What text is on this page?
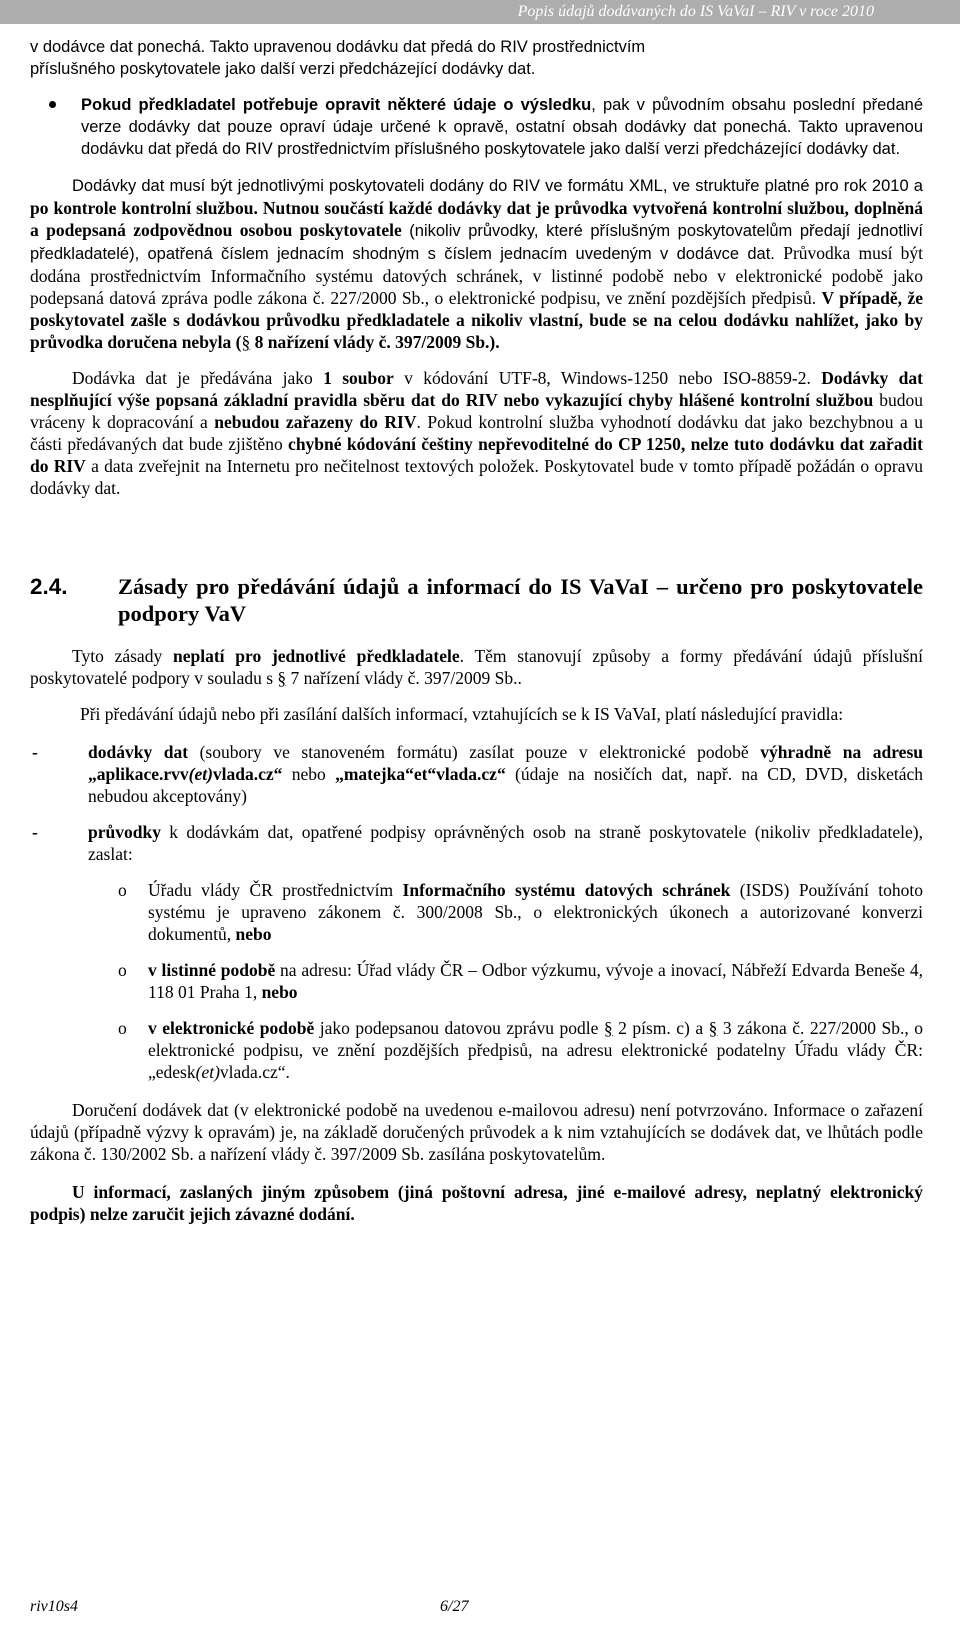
Popis údajů dodávaných do IS VaVaI – RIV v roce 2010

v dodávce dat ponechá. Takto upravenou dodávku dat předá do RIV prostřednictvím
příslušného poskytovatele jako další verzi předcházející dodávky dat.

Pokud předkladatel potřebuje opravit některé údaje o výsledku, pak v původním obsahu poslední předané verze dodávky dat pouze opraví údaje určené k opravě, ostatní obsah dodávky dat ponechá. Takto upravenou dodávku dat předá do RIV prostřednictvím příslušného poskytovatele jako další verzi předcházející dodávky dat.

Dodávky dat musí být jednotlivými poskytovateli dodány do RIV ve formátu XML, ve struktuře platné pro rok 2010 a po kontrole kontrolní službou. Nutnou součástí každé dodávky dat je průvodka vytvořená kontrolní službou, doplněná a podepsaná zodpovědnou osobou poskytovatele (nikoliv průvodky, které příslušným poskytovatelům předají jednotliví předkladatelé), opatřená číslem jednacím shodným s číslem jednacím uvedeným v dodávce dat. Průvodka musí být dodána prostřednictvím Informačního systému datových schránek, v listinné podobě nebo v elektronické podobě jako podepsaná datová zpráva podle zákona č. 227/2000 Sb., o elektronické podpisu, ve znění pozdějších předpisů. V případě, že poskytovatel zašle s dodávkou průvodku předkladatele a nikoliv vlastní, bude se na celou dodávku nahlížet, jako by průvodka doručena nebyla (§ 8 nařízení vlády č. 397/2009 Sb.).

Dodávka dat je předávána jako 1 soubor v kódování UTF-8, Windows-1250 nebo ISO-8859-2. Dodávky dat nesplňující výše popsaná základní pravidla sběru dat do RIV nebo vykazující chyby hlášené kontrolní službou budou vráceny k dopracování a nebudou zařazeny do RIV. Pokud kontrolní služba vyhodnotí dodávku dat jako bezchybnou a u části předávaných dat bude zjištěno chybné kódování češtiny nepřevoditelné do CP 1250, nelze tuto dodávku dat zařadit do RIV a data zveřejnit na Internetu pro nečitelnost textových položek. Poskytovatel bude v tomto případě požádán o opravu dodávky dat.

2.4. Zásady pro předávání údajů a informací do IS VaVaI – určeno pro poskytovatele podpory VaV

Tyto zásady neplatí pro jednotlivé předkladatele. Těm stanovují způsoby a formy předávání údajů příslušní poskytovatelé podpory v souladu s § 7 nařízení vlády č. 397/2009 Sb..

Při předávání údajů nebo při zasílání dalších informací, vztahujících se k IS VaVaI, platí následující pravidla:

-	dodávky dat (soubory ve stanoveném formátu) zasílat pouze v elektronické podobě výhradně na adresu „aplikace.rvv(et)vlada.cz“ nebo „matejka“et“vlada.cz“ (údaje na nosičích dat, např. na CD, DVD, disketách nebudou akceptovány)
-	průvodky k dodávkám dat, opatřené podpisy oprávněných osob na straně poskytovatele (nikoliv předkladatele), zaslat:
o Úřadu vlády ČR prostřednictvím Informačního systému datových schránek (ISDS) Používání tohoto systému je upraveno zákonem č. 300/2008 Sb., o elektronických úkonech a autorizované konverzi dokumentů, nebo
o v listinné podobě na adresu: Úřad vlády ČR – Odbor výzkumu, vývoje a inovací, Nábřeží Edvarda Beneše 4, 118 01 Praha 1, nebo
o v elektronické podobě jako podepsanou datovou zprávu podle § 2 písm. c) a § 3 zákona č. 227/2000 Sb., o elektronické podpisu, ve znění pozdějších předpisů, na adresu elektronické podatelny Úřadu vlády ČR: „edesk(et)vlada.cz“.

Doručení dodávek dat (v elektronické podobě na uvedenou e-mailovou adresu) není potvrzováno. Informace o zařazení údajů (případně výzvy k opravám) je, na základě doručených průvodek a k nim vztahujících se dodávek dat, ve lhůtách podle zákona č. 130/2002 Sb. a nařízení vlády č. 397/2009 Sb. zasílána poskytovatelům.

U informací, zaslaných jiným způsobem (jiná poštovní adresa, jiné e-mailové adresy, neplatný elektronický podpis) nelze zaručit jejich závazné dodání.

riv10s4	6/27
